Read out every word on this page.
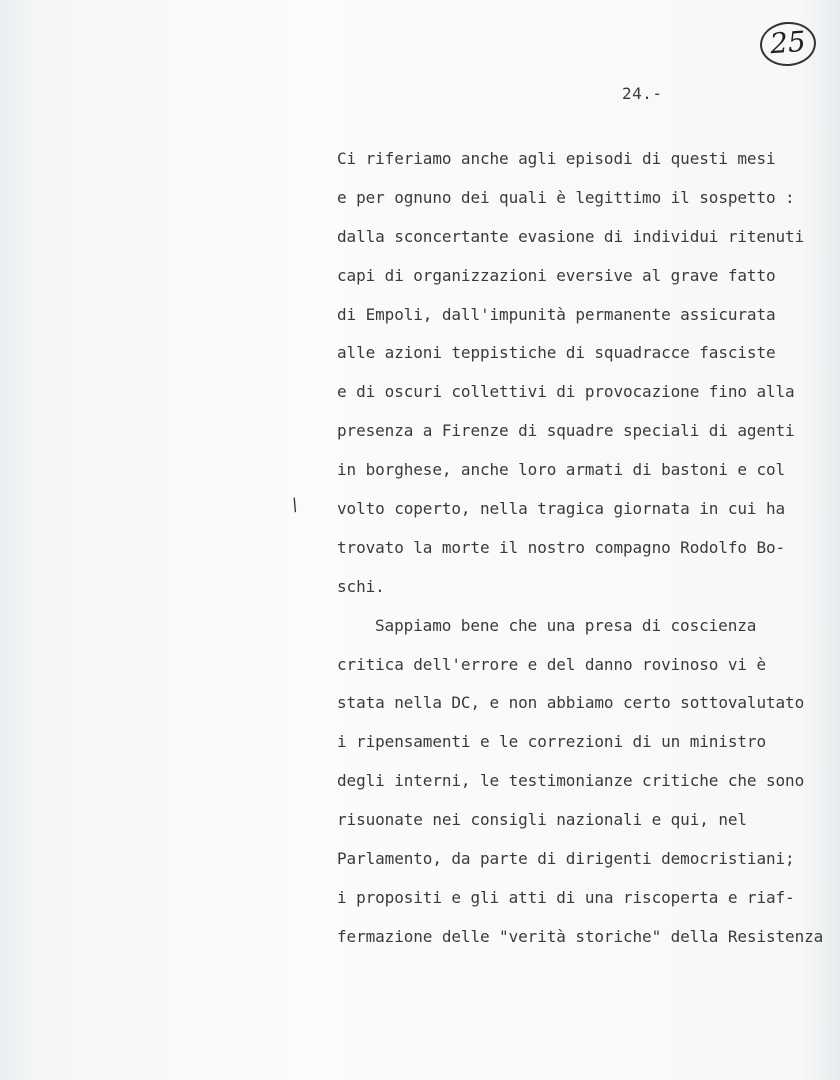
25
24.-
/
Ci riferiamo anche agli episodi di questi mesi
e per ognuno dei quali è legittimo il sospetto :
dalla sconcertante evasione di individui ritenuti
capi di organizzazioni eversive al grave fatto
di Empoli, dall'impunità permanente assicurata
alle azioni teppistiche di squadracce fasciste
e di oscuri collettivi di provocazione fino alla
presenza a Firenze di squadre speciali di agenti
in borghese, anche loro armati di bastoni e col
volto coperto, nella tragica giornata in cui ha
trovato la morte il nostro compagno Rodolfo Bo-
schi.
Sappiamo bene che una presa di coscienza
critica dell'errore e del danno rovinoso vi è
stata nella DC, e non abbiamo certo sottovalutato
i ripensamenti e le correzioni di un ministro
degli interni, le testimonianze critiche che sono
risuonate nei consigli nazionali e qui, nel
Parlamento, da parte di dirigenti democristiani;
i propositi e gli atti di una riscoperta e riaf-
fermazione delle "verità storiche" della Resistenza
